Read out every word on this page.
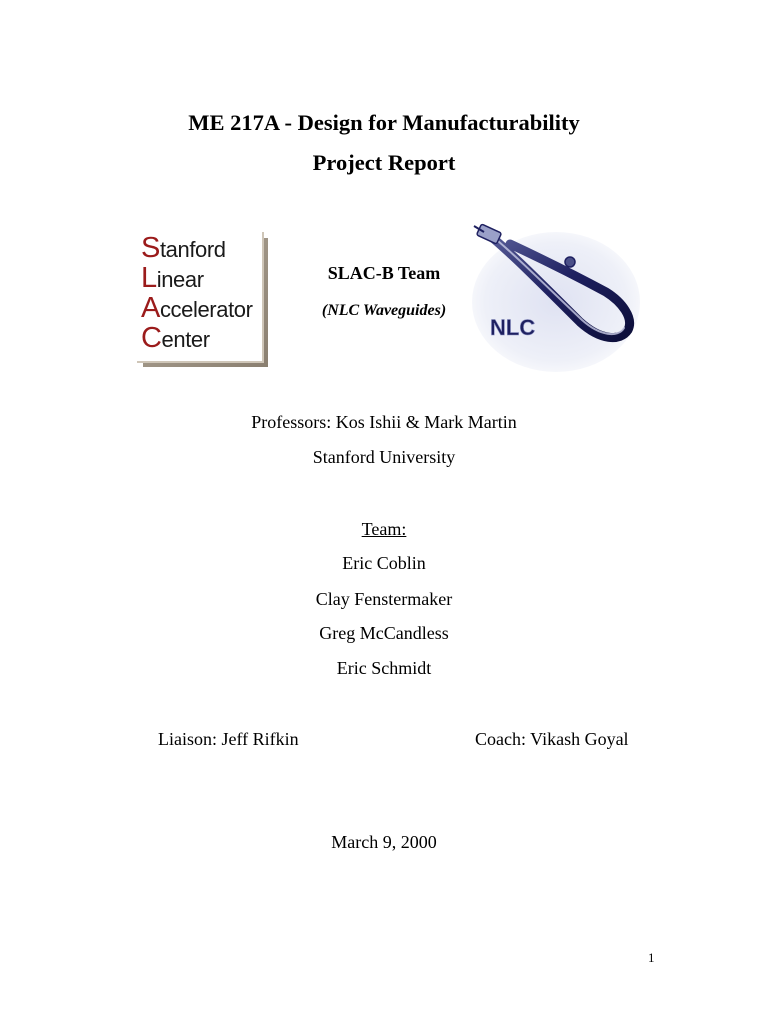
ME 217A - Design for Manufacturability
Project Report
Stanford
Linear
Accelerator
Center
SLAC-B Team
(NLC Waveguides)
NLC
Professors: Kos Ishii & Mark Martin
Stanford University
Team:
Eric Coblin
Clay Fenstermaker
Greg McCandless
Eric Schmidt
Liaison: Jeff Rifkin	Coach: Vikash Goyal
March 9, 2000
1
